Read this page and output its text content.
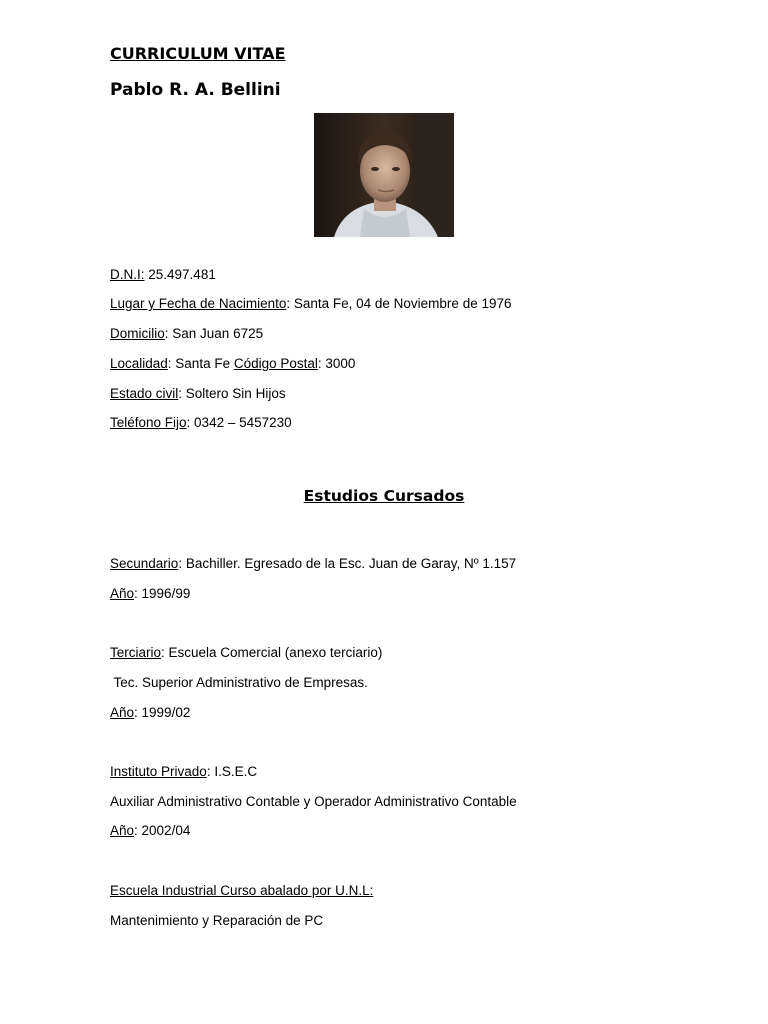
CURRICULUM VITAE
Pablo R. A. Bellini
D.N.I: 25.497.481
Lugar y Fecha de Nacimiento: Santa Fe, 04 de Noviembre de 1976
Domicilio: San Juan 6725
Localidad: Santa Fe Código Postal: 3000
Estado civil: Soltero Sin Hijos
Teléfono Fijo: 0342 – 5457230
Estudios Cursados
Secundario: Bachiller. Egresado de la Esc. Juan de Garay, Nº 1.157
Año: 1996/99
Terciario: Escuela Comercial (anexo terciario)
Tec. Superior Administrativo de Empresas.
Año: 1999/02
Instituto Privado: I.S.E.C
Auxiliar Administrativo Contable y Operador Administrativo Contable
Año: 2002/04
Escuela Industrial Curso abalado por U.N.L:
Mantenimiento y Reparación de PC
